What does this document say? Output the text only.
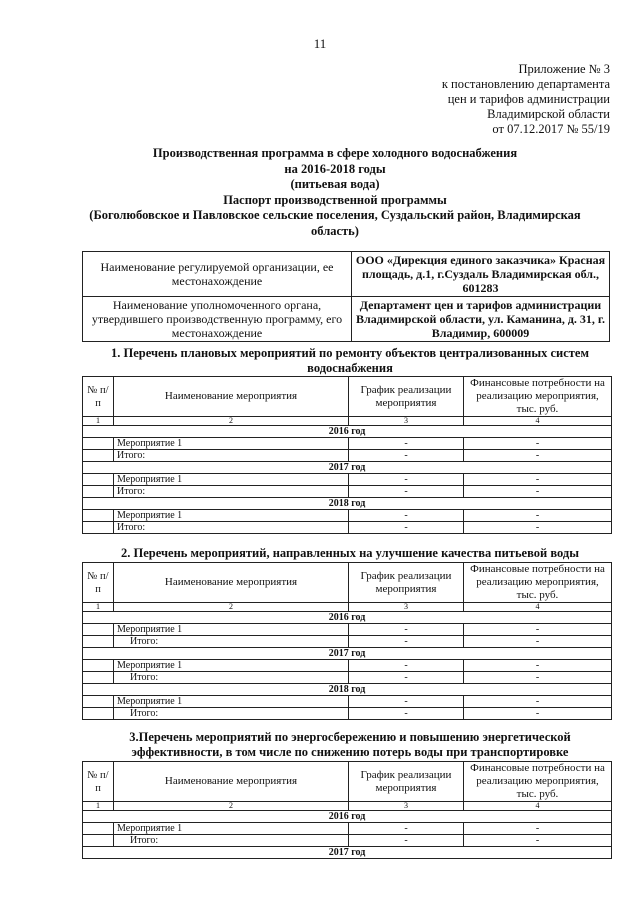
11
Приложение № 3
к постановлению департамента
цен и тарифов администрации
Владимирской области
от 07.12.2017 № 55/19
Производственная программа в сфере холодного водоснабжения
на 2016-2018 годы
(питьевая вода)
Паспорт производственной программы
(Боголюбовское и Павловское сельские поселения, Суздальский район, Владимирская область)
Наименование регулируемой организации, ее местонахождение	ООО «Дирекция единого заказчика» Красная площадь, д.1, г.Суздаль Владимирская обл., 601283
Наименование уполномоченного органа, утвердившего производственную программу, его местонахождение	Департамент цен и тарифов администрации Владимирской области, ул. Каманина, д. 31, г. Владимир, 600009
1. Перечень плановых мероприятий по ремонту объектов централизованных систем водоснабжения
№ п/п	Наименование мероприятия	График реализации мероприятия	Финансовые потребности на реализацию мероприятия, тыс. руб.
1	2	3	4
2016 год			
	Мероприятие 1	-	-
	Итого:	-	-
2017 год			
	Мероприятие 1	-	-
	Итого:	-	-
2018 год			
	Мероприятие 1	-	-
	Итого:	-	-
2. Перечень мероприятий, направленных на улучшение качества питьевой воды
№ п/п	Наименование мероприятия	График реализации мероприятия	Финансовые потребности на реализацию мероприятия, тыс. руб.
1	2	3	4
2016 год			
	Мероприятие 1	-	-
	Итого:	-	-
2017 год			
	Мероприятие 1	-	-
	Итого:	-	-
2018 год			
	Мероприятие 1	-	-
	Итого:	-	-
3.Перечень мероприятий по энергосбережению и повышению энергетической эффективности, в том числе по снижению потерь воды при транспортировке
№ п/п	Наименование мероприятия	График реализации мероприятия	Финансовые потребности на реализацию мероприятия, тыс. руб.
1	2	3	4
2016 год			
	Мероприятие 1	-	-
	Итого:	-	-
2017 год			
